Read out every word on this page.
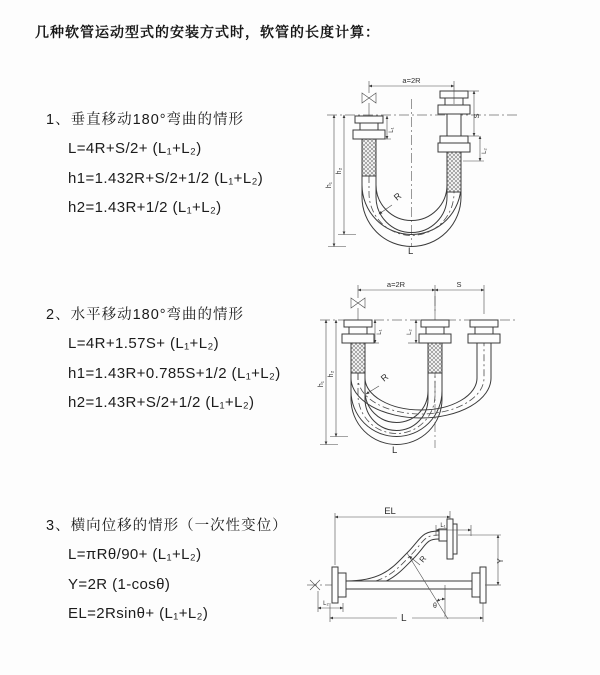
几种软管运动型式的安装方式时，软管的长度计算：
1、垂直移动180°弯曲的情形

L=4R+S/2+ (L₁+L₂)

h1=1.432R+S/2+1/2 (L₁+L₂)

h2=1.43R+1/2 (L₁+L₂)

2、水平移动180°弯曲的情形

L=4R+1.57S+ (L₁+L₂)

h1=1.43R+0.785S+1/2 (L₁+L₂)

h2=1.43R+S/2+1/2 (L₁+L₂)

3、横向位移的情形（一次性变位）

L=πRθ/90+ (L₁+L₂)

Y=2R (1-cosθ)

EL=2Rsinθ+ (L₁+L₂)

a=2R
h₁
h₂
L₁
S
L₂
R
L
a=2R	S
h₁
h₂
L₁	L₂
R
L
θ
R
EL
L₁
Y
L
L₂
